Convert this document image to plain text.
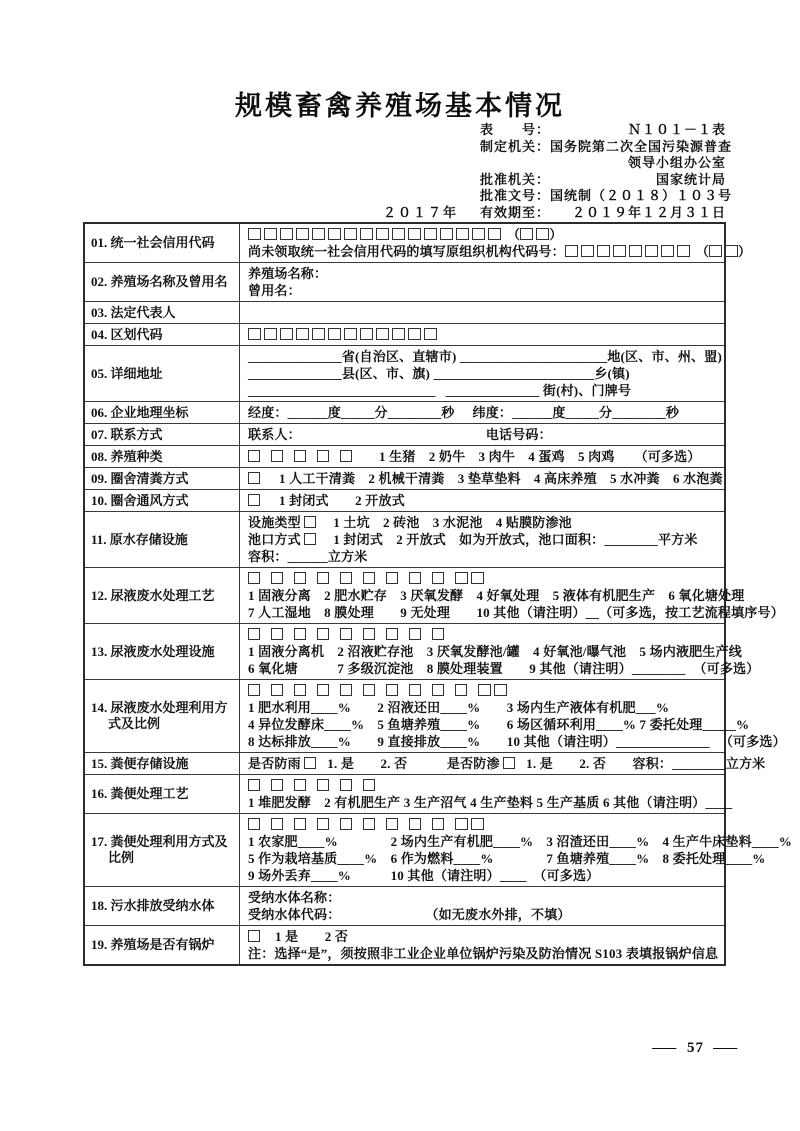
规模畜禽养殖场基本情况
表　　号：	Ｎ１０１－１表
制定机关： 国务院第二次全国污染源普查
领导小组办公室
批准机关：	国家统计局
批准文号： 国统制（２０１８）１０３号
２０１７年 有效期至：	２０１９年１２月３１日
01. 统一社会信用代码
（ ）
尚未领取统一社会信用代码的填写原组织机构代码号：	（ ）
02. 养殖场名称及曾用名
养殖场名称：
曾用名：
03. 法定代表人
04. 区划代码
05. 详细地址
______________省(自治区、直辖市) ______________________地(区、市、州、盟)
______________县(区、市、旗) ________________________乡(镇)
____________________________ ______________ 街(村)、门牌号
06. 企业地理坐标	经度：______度_____分________秒 纬度：______度_____分________秒
07. 联系方式	联系人：	电话号码：
08. 养殖种类	1 生猪　2 奶牛　3 肉牛　4 蛋鸡　5 肉鸡 （可多选）
09. 圈舍清粪方式	1 人工干清粪　2 机械干清粪　3 垫草垫料　4 高床养殖　5 水冲粪　6 水泡粪
10. 圈舍通风方式	1 封闭式　　2 开放式
11. 原水存储设施
设施类型 1 土坑　2 砖池　3 水泥池　4 贴膜防渗池
池口方式 1 封闭式　2 开放式　如为开放式，池口面积：________平方米
容积：______立方米
12. 尿液废水处理工艺	1 固液分离　2 肥水贮存　3 厌氧发酵　4 好氧处理　5 液体有机肥生产　6 氧化塘处理
7 人工湿地　8 膜处理　　9 无处理　　10 其他（请注明）__（可多选，按工艺流程填序号）
13. 尿液废水处理设施	1 固液分离机　2 沼液贮存池　3 厌氧发酵池/罐　4 好氧池/曝气池　5 场内液肥生产线
6 氧化塘　　　7 多级沉淀池　8 膜处理装置　　9 其他（请注明）________ （可多选）
14. 尿液废水处理利用方式及比例
1 肥水利用____%　　2 沼液还田____%　　3 场内生产液体有机肥___%
4 异位发酵床____%　5 鱼塘养殖____%　　6 场区循环利用____% 7 委托处理_____%
8 达标排放____%　　9 直接排放____%　　10 其他（请注明）______________ （可多选）
15. 粪便存储设施	是否防雨 1. 是　　2. 否　　　是否防渗 1. 是　　2. 否　　容积：________立方米
16. 粪便处理工艺
1 堆肥发酵　2 有机肥生产 3 生产沼气 4 生产垫料 5 生产基质 6 其他（请注明）____
17. 粪便处理利用方式及比例
1 农家肥____%　　　　2 场内生产有机肥____%　3 沼渣还田____%　4 生产牛床垫料____%
5 作为栽培基质____%　6 作为燃料____%　　　　7 鱼塘养殖____%　8 委托处理____%
9 场外丢弃____%　　　10 其他（请注明）____　（可多选）
18. 污水排放受纳水体
受纳水体名称：
受纳水体代码：	（如无废水外排，不填）
19. 养殖场是否有锅炉
1 是　　2 否
注：选择“是”，须按照非工业企业单位锅炉污染及防治情况 S103 表填报锅炉信息
— 57 —
